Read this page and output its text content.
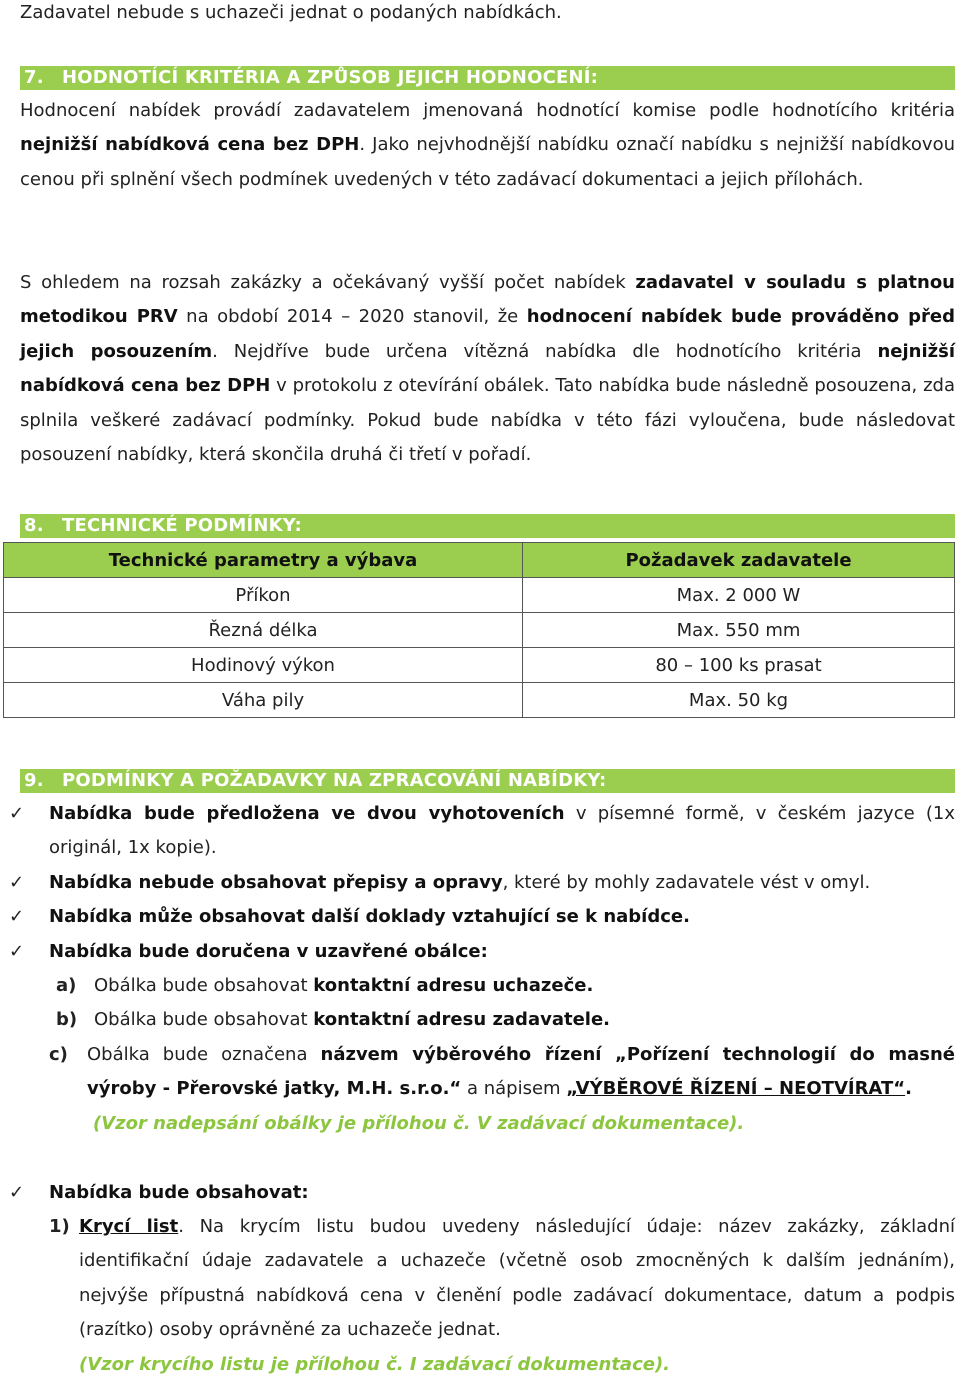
Zadavatel nebude s uchazeči jednat o podaných nabídkách.

7. HODNOTÍCÍ KRITÉRIA A ZPŮSOB JEJICH HODNOCENÍ:

Hodnocení nabídek provádí zadavatelem jmenovaná hodnotící komise podle hodnotícího kritéria nejnižší nabídková cena bez DPH. Jako nejvhodnější nabídku označí nabídku s nejnižší nabídkovou cenou při splnění všech podmínek uvedených v této zadávací dokumentaci a jejich přílohách.

S ohledem na rozsah zakázky a očekávaný vyšší počet nabídek zadavatel v souladu s platnou metodikou PRV na období 2014 – 2020 stanovil, že hodnocení nabídek bude prováděno před jejich posouzením. Nejdříve bude určena vítězná nabídka dle hodnotícího kritéria nejnižší nabídková cena bez DPH v protokolu z otevírání obálek. Tato nabídka bude následně posouzena, zda splnila veškeré zadávací podmínky. Pokud bude nabídka v této fázi vyloučena, bude následovat posouzení nabídky, která skončila druhá či třetí v pořadí.

8. TECHNICKÉ PODMÍNKY:
Technické parametry a výbava	Požadavek zadavatele
Příkon	Max. 2 000 W
Řezná délka	Max. 550 mm
Hodinový výkon	80 – 100 ks prasat
Váha pily	Max. 50 kg
9. PODMÍNKY A POŽADAVKY NA ZPRACOVÁNÍ NABÍDKY:
✓	Nabídka bude předložena ve dvou vyhotoveních v písemné formě, v českém jazyce (1x originál, 1x kopie).
✓	Nabídka nebude obsahovat přepisy a opravy, které by mohly zadavatele vést v omyl.
✓	Nabídka může obsahovat další doklady vztahující se k nabídce.
✓	Nabídka bude doručena v uzavřené obálce:
a) Obálka bude obsahovat kontaktní adresu uchazeče.
b) Obálka bude obsahovat kontaktní adresu zadavatele.
c) Obálka bude označena názvem výběrového řízení „Pořízení technologií do masné výroby - Přerovské jatky, M.H. s.r.o.“ a nápisem „VÝBĚROVÉ ŘÍZENÍ – NEOTVÍRAT“.

(Vzor nadepsání obálky je přílohou č. V zadávací dokumentace).

✓	Nabídka bude obsahovat:
1) Krycí list. Na krycím listu budou uvedeny následující údaje: název zakázky, základní identifikační údaje zadavatele a uchazeče (včetně osob zmocněných k dalším jednáním), nejvýše přípustná nabídková cena v členění podle zadávací dokumentace, datum a podpis (razítko) osoby oprávněné za uchazeče jednat.

(Vzor krycího listu je přílohou č. I zadávací dokumentace).
